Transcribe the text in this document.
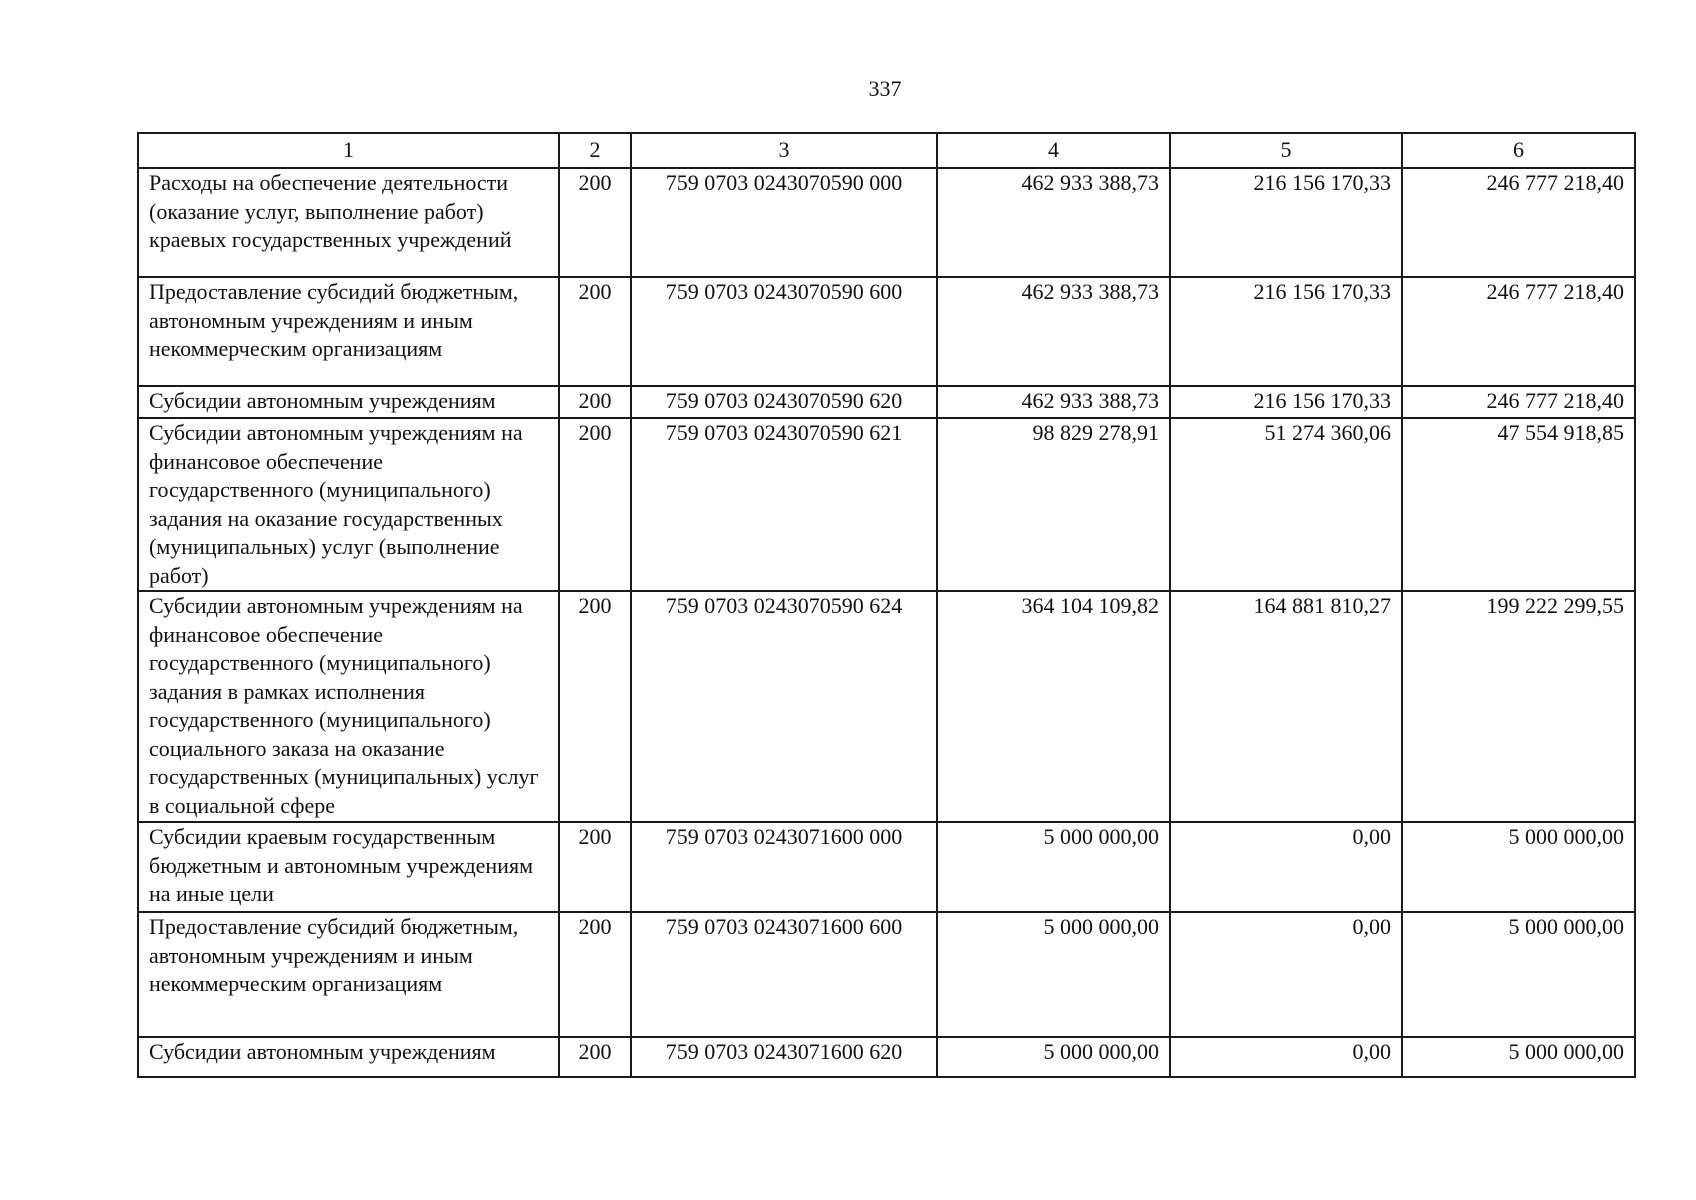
337
1	2	3	4	5	6
Расходы на обеспечение деятельности (оказание услуг, выполнение работ) краевых государственных учреждений	200	759 0703 0243070590 000	462 933 388,73	216 156 170,33	246 777 218,40
Предоставление субсидий бюджетным, автономным учреждениям и иным некоммерческим организациям	200	759 0703 0243070590 600	462 933 388,73	216 156 170,33	246 777 218,40
Субсидии автономным учреждениям	200	759 0703 0243070590 620	462 933 388,73	216 156 170,33	246 777 218,40
Субсидии автономным учреждениям на финансовое обеспечение государственного (муниципального) задания на оказание государственных (муниципальных) услуг (выполнение работ)	200	759 0703 0243070590 621	98 829 278,91	51 274 360,06	47 554 918,85
Субсидии автономным учреждениям на финансовое обеспечение государственного (муниципального) задания в рамках исполнения государственного (муниципального) социального заказа на оказание государственных (муниципальных) услуг в социальной сфере	200	759 0703 0243070590 624	364 104 109,82	164 881 810,27	199 222 299,55
Субсидии краевым государственным бюджетным и автономным учреждениям на иные цели	200	759 0703 0243071600 000	5 000 000,00	0,00	5 000 000,00
Предоставление субсидий бюджетным, автономным учреждениям и иным некоммерческим организациям	200	759 0703 0243071600 600	5 000 000,00	0,00	5 000 000,00
Субсидии автономным учреждениям	200	759 0703 0243071600 620	5 000 000,00	0,00	5 000 000,00
